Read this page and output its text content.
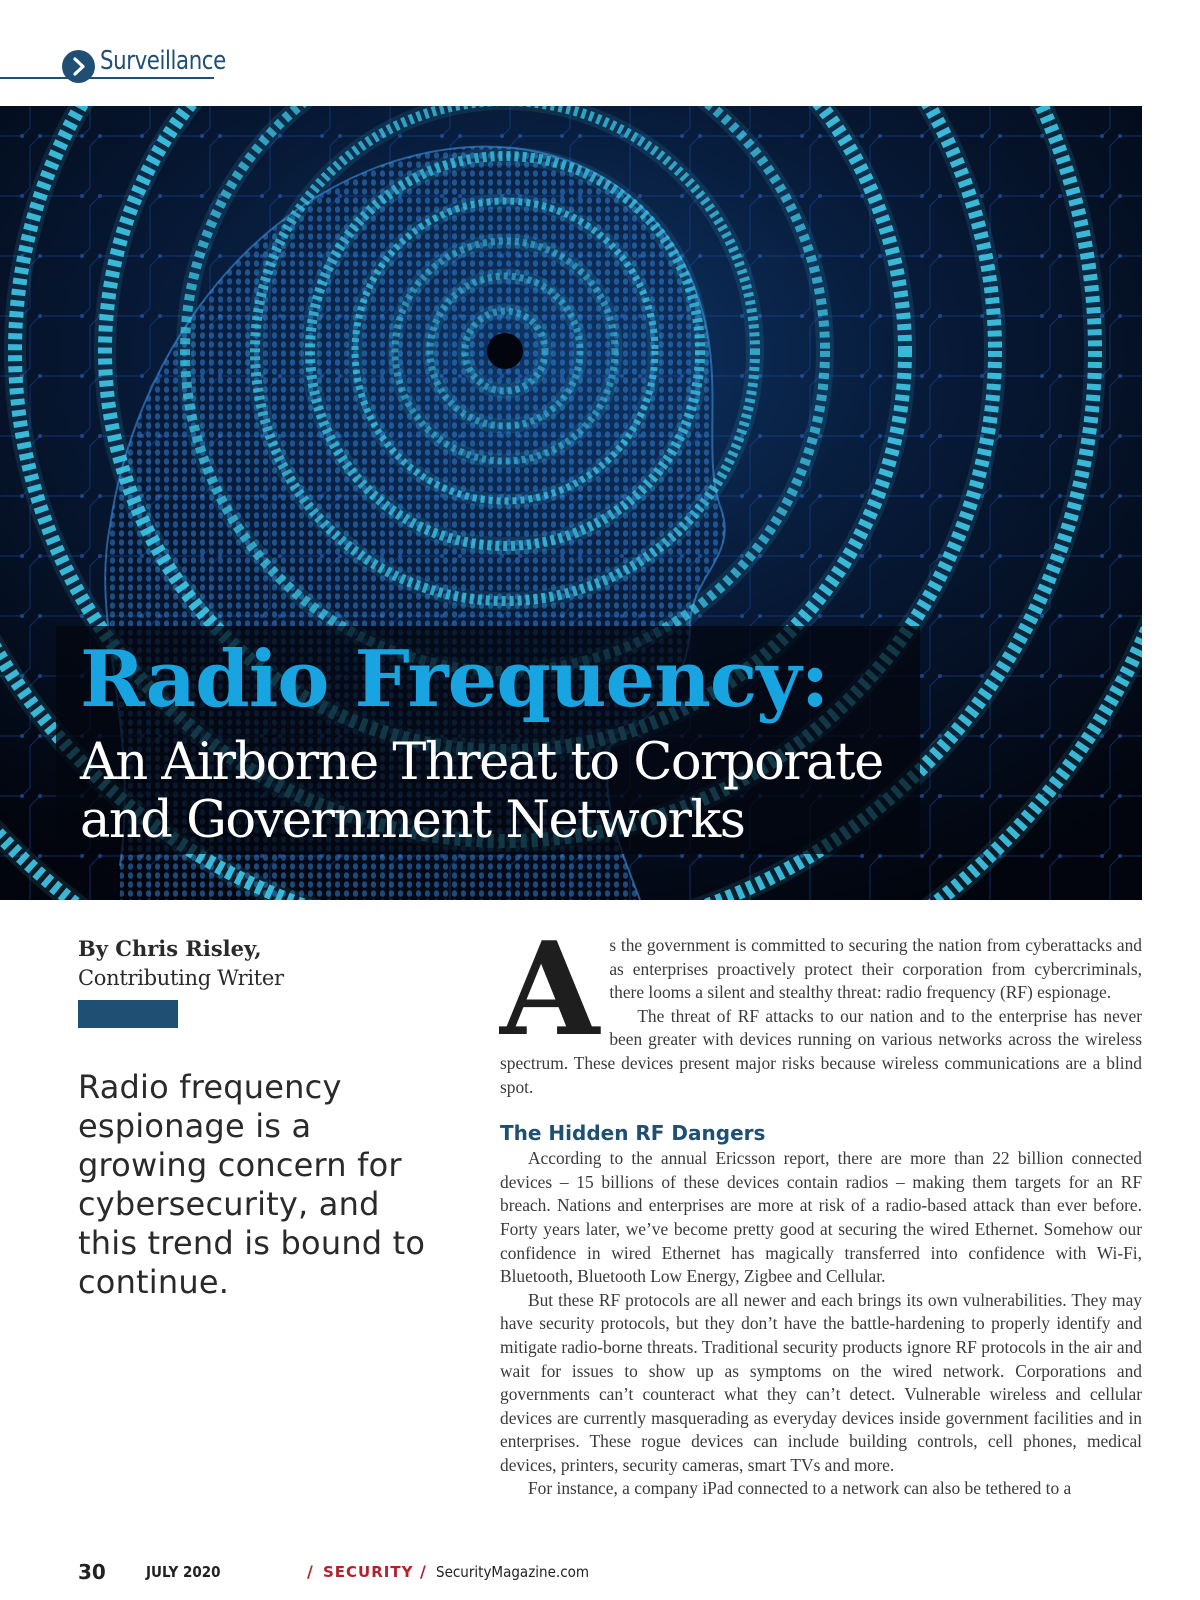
Surveillance
Radio Frequency:
An Airborne Threat to Corporate
and Government Networks
By Chris Risley,
Contributing Writer
Radio frequency espionage is a growing concern for cybersecurity, and this trend is bound to continue.
A s the government is committed to securing the nation from cyberattacks and as enterprises proactively protect their corporation from cybercriminals, there looms a silent and stealthy threat: radio frequency (RF) espionage.

The threat of RF attacks to our nation and to the enterprise has never been greater with devices running on various networks across the wireless spectrum. These devices present major risks because wireless communications are a blind spot.

The Hidden RF Dangers

According to the annual Ericsson report, there are more than 22 billion connected devices – 15 billions of these devices contain radios – making them targets for an RF breach. Nations and enterprises are more at risk of a radio-based attack than ever before. Forty years later, we’ve become pretty good at securing the wired Ethernet. Somehow our confidence in wired Ethernet has magically transferred into confidence with Wi-Fi, Bluetooth, Bluetooth Low Energy, Zigbee and Cellular.

But these RF protocols are all newer and each brings its own vulnerabilities. They may have security protocols, but they don’t have the battle-hardening to properly identify and mitigate radio-borne threats. Traditional security products ignore RF protocols in the air and wait for issues to show up as symptoms on the wired network. Corporations and governments can’t counteract what they can’t detect. Vulnerable wireless and cellular devices are currently masquerading as everyday devices inside government facilities and in enterprises. These rogue devices can include building controls, cell phones, medical devices, printers, security cameras, smart TVs and more.

For instance, a company iPad connected to a network can also be tethered to a

30	JULY 2020	/ SECURITY / SecurityMagazine.com
